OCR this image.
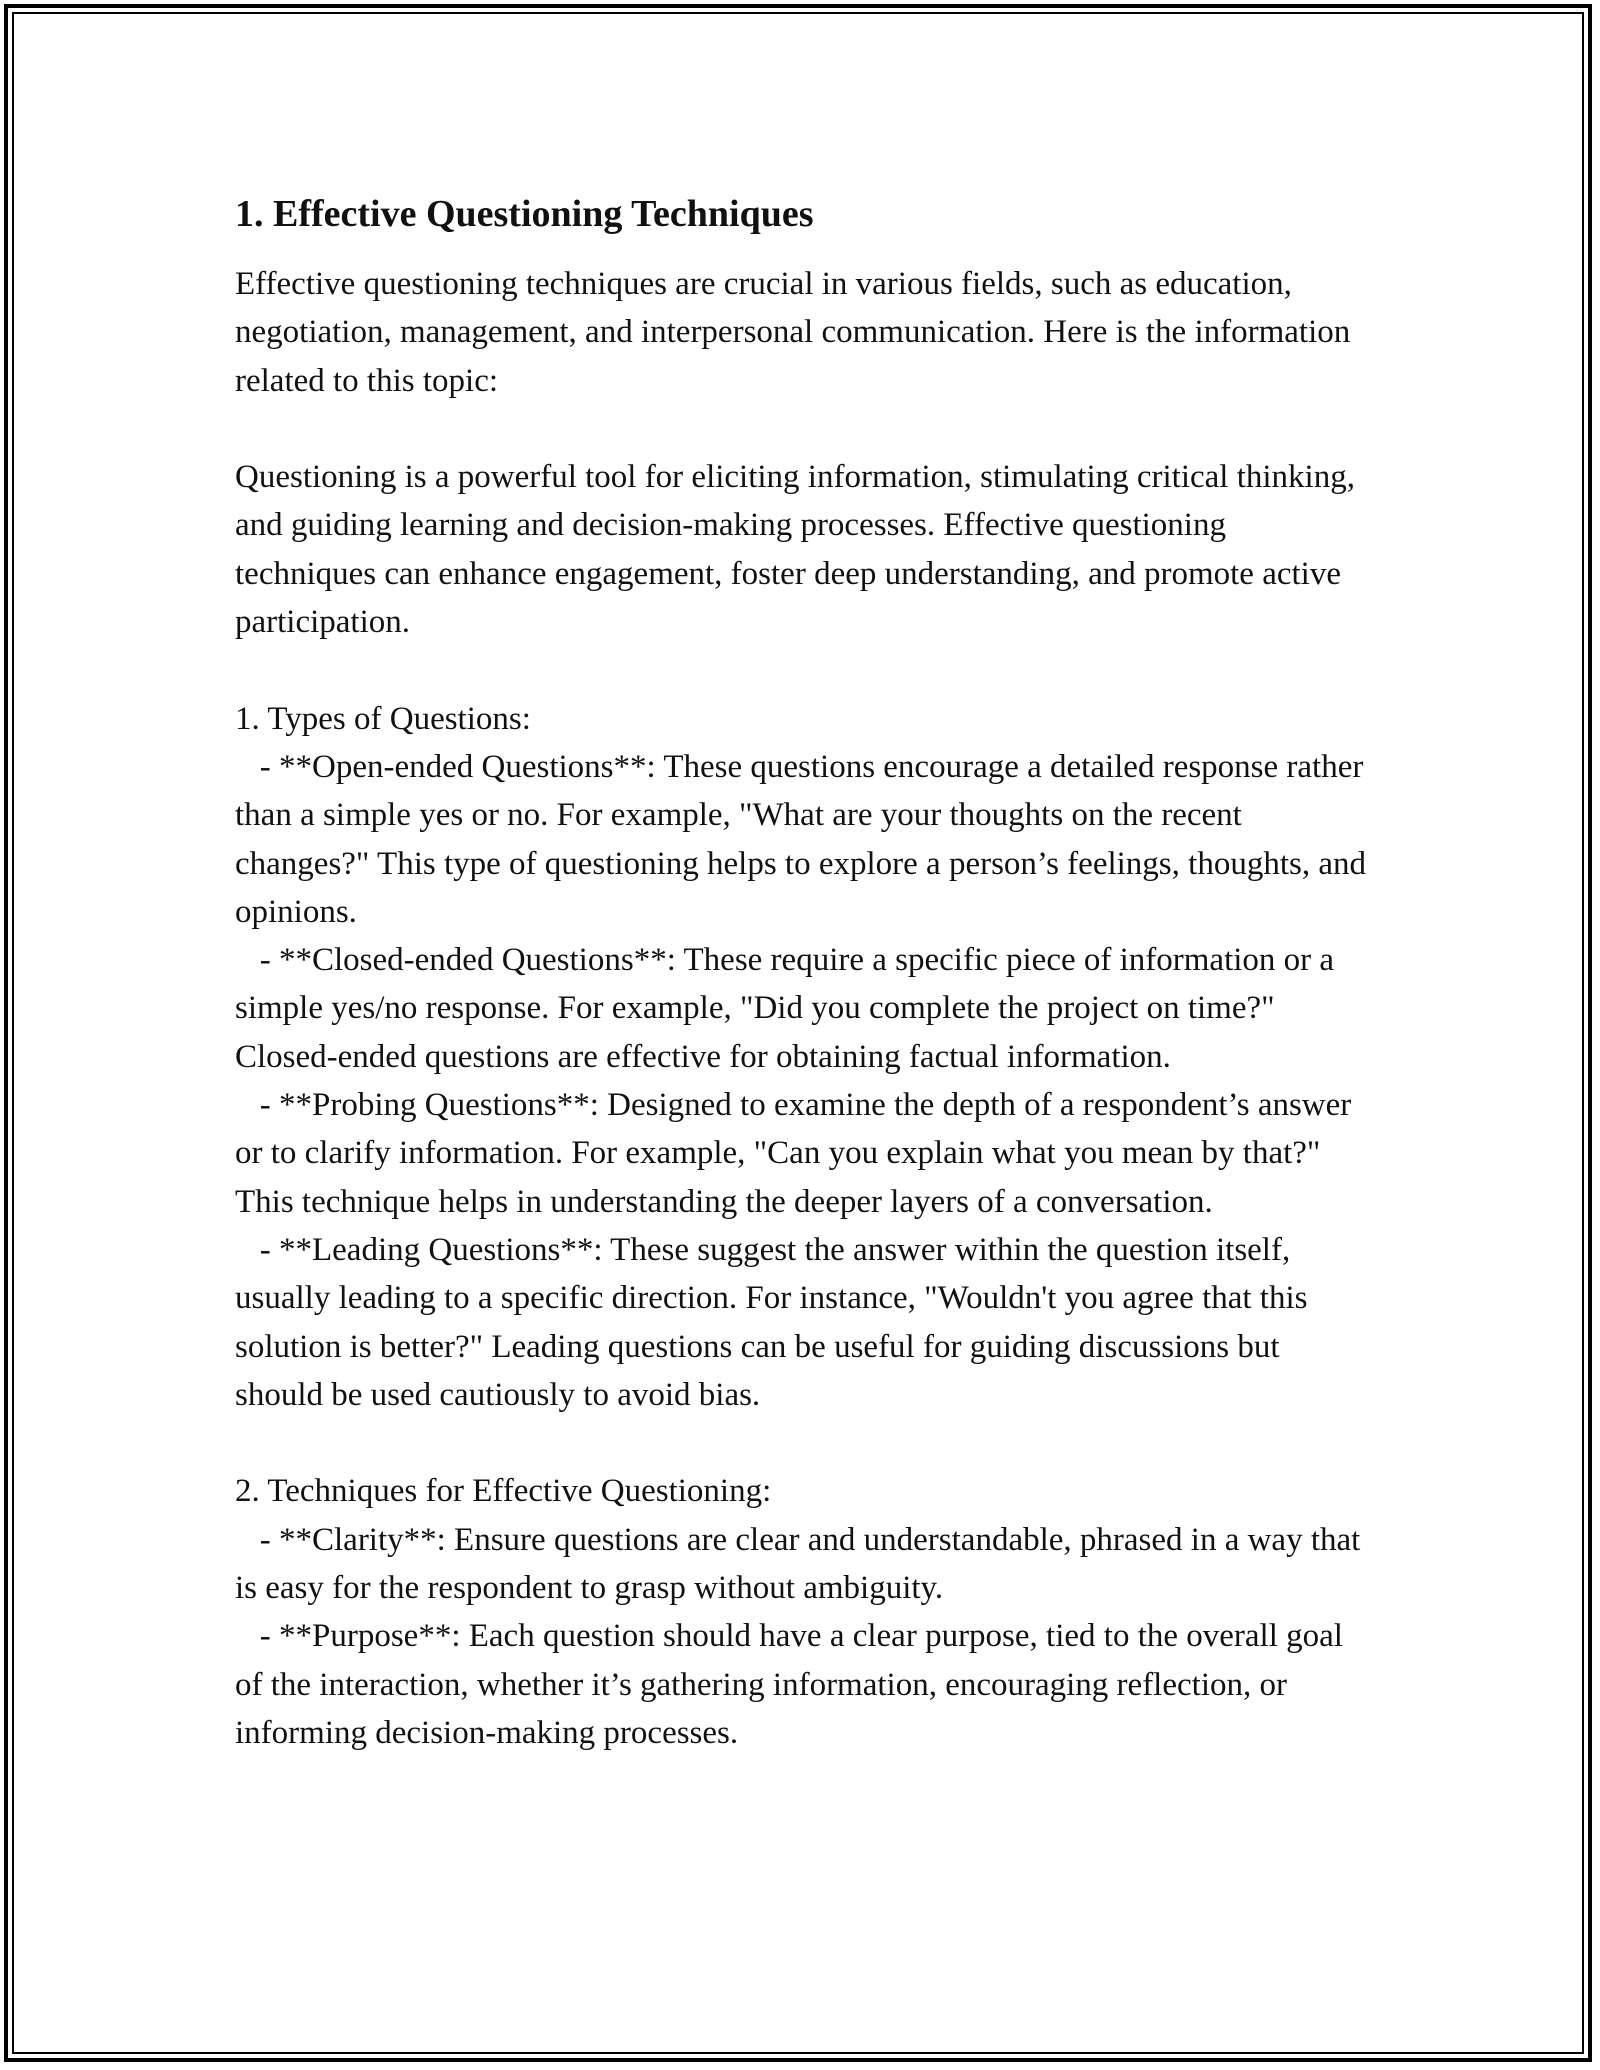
1. Effective Questioning Techniques

Effective questioning techniques are crucial in various fields, such as education, negotiation, management, and interpersonal communication. Here is the information related to this topic:

Questioning is a powerful tool for eliciting information, stimulating critical thinking, and guiding learning and decision-making processes. Effective questioning techniques can enhance engagement, foster deep understanding, and promote active participation.

1. Types of Questions:

- **Open-ended Questions**: These questions encourage a detailed response rather than a simple yes or no. For example, "What are your thoughts on the recent changes?" This type of questioning helps to explore a person’s feelings, thoughts, and opinions.

- **Closed-ended Questions**: These require a specific piece of information or a simple yes/no response. For example, "Did you complete the project on time?" Closed-ended questions are effective for obtaining factual information.

- **Probing Questions**: Designed to examine the depth of a respondent’s answer or to clarify information. For example, "Can you explain what you mean by that?" This technique helps in understanding the deeper layers of a conversation.

- **Leading Questions**: These suggest the answer within the question itself, usually leading to a specific direction. For instance, "Wouldn't you agree that this solution is better?" Leading questions can be useful for guiding discussions but should be used cautiously to avoid bias.

2. Techniques for Effective Questioning:

- **Clarity**: Ensure questions are clear and understandable, phrased in a way that is easy for the respondent to grasp without ambiguity.

- **Purpose**: Each question should have a clear purpose, tied to the overall goal of the interaction, whether it’s gathering information, encouraging reflection, or informing decision-making processes.
